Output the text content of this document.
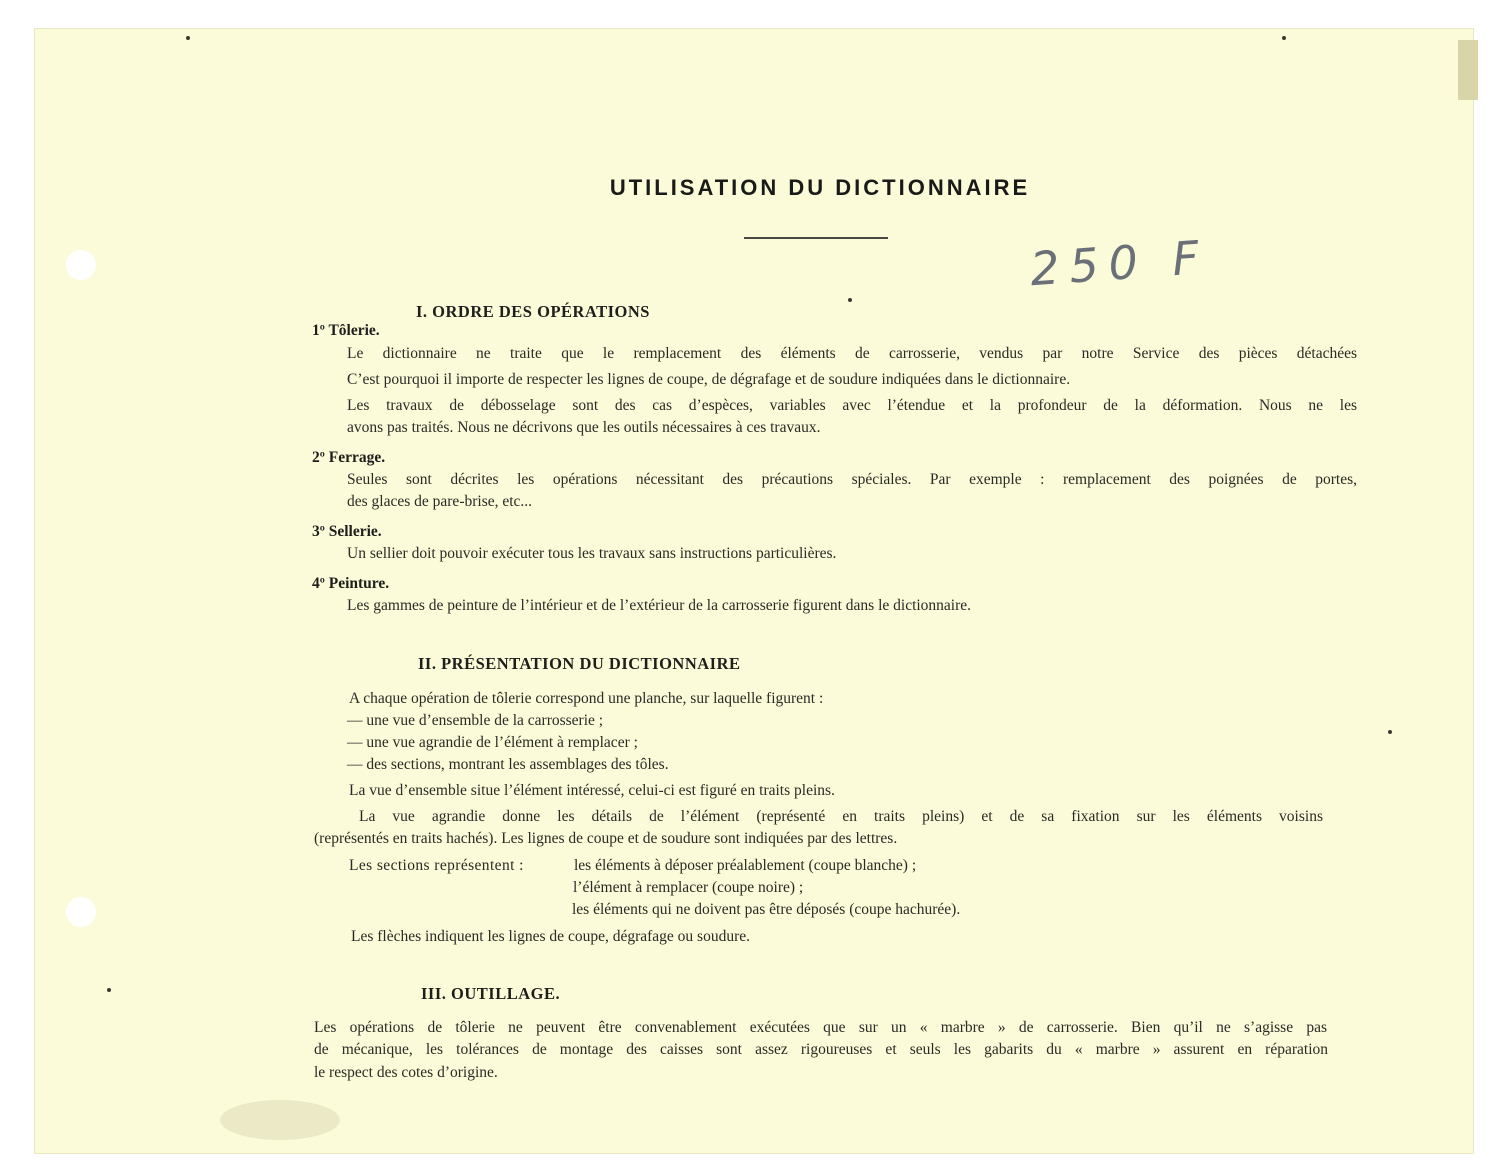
UTILISATION DU DICTIONNAIRE
250 F
I. ORDRE DES OPÉRATIONS
1º Tôlerie.
Le dictionnaire ne traite que le remplacement des éléments de carrosserie, vendus par notre Service des pièces détachées
C’est pourquoi il importe de respecter les lignes de coupe, de dégrafage et de soudure indiquées dans le dictionnaire.
Les travaux de débosselage sont des cas d’espèces, variables avec l’étendue et la profondeur de la déformation. Nous ne les
avons pas traités. Nous ne décrivons que les outils nécessaires à ces travaux.
2º Ferrage.
Seules sont décrites les opérations nécessitant des précautions spéciales. Par exemple : remplacement des poignées de portes,
des glaces de pare-brise, etc...
3º Sellerie.
Un sellier doit pouvoir exécuter tous les travaux sans instructions particulières.
4º Peinture.
Les gammes de peinture de l’intérieur et de l’extérieur de la carrosserie figurent dans le dictionnaire.
II. PRÉSENTATION DU DICTIONNAIRE
A chaque opération de tôlerie correspond une planche, sur laquelle figurent :
— une vue d’ensemble de la carrosserie ;
— une vue agrandie de l’élément à remplacer ;
— des sections, montrant les assemblages des tôles.
La vue d’ensemble situe l’élément intéressé, celui-ci est figuré en traits pleins.
La vue agrandie donne les détails de l’élément (représenté en traits pleins) et de sa fixation sur les éléments voisins
(représentés en traits hachés). Les lignes de coupe et de soudure sont indiquées par des lettres.
Les sections représentent :	les éléments à déposer préalablement (coupe blanche) ;
l’élément à remplacer (coupe noire) ;
les éléments qui ne doivent pas être déposés (coupe hachurée).
Les flèches indiquent les lignes de coupe, dégrafage ou soudure.
III. OUTILLAGE.
Les opérations de tôlerie ne peuvent être convenablement exécutées que sur un « marbre » de carrosserie. Bien qu’il ne s’agisse pas
de mécanique, les tolérances de montage des caisses sont assez rigoureuses et seuls les gabarits du « marbre » assurent en réparation
le respect des cotes d’origine.
